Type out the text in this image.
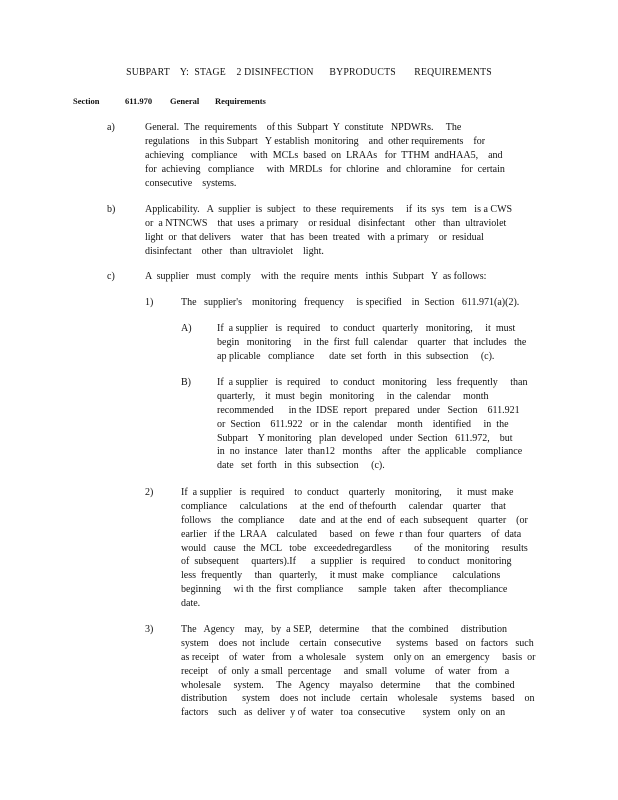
SUBPART    Y:  STAGE    2 DISINFECTION      BYPRODUCTS       REQUIREMENTS
Section	611.970 General Requirements
a)	General.  The  requirements    of this  Subpart  Y  constitute   NPDWRs.     The
regulations    in this Subpart   Y establish  monitoring    and  other requirements    for
achieving   compliance     with  MCLs  based  on  LRAAs   for  TTHM  andHAA5,    and
for  achieving   compliance     with  MRDLs   for  chlorine   and  chloramine    for  certain
consecutive    systems.
b)	Applicability.   A  supplier  is  subject   to  these  requirements     if  its  sys   tem   is a CWS
or  a NTNCWS    that  uses  a primary    or residual   disinfectant    other   than  ultraviolet
light  or  that delivers    water   that  has  been  treated   with  a primary    or  residual
disinfectant    other   than  ultraviolet    light.
c)	A  supplier   must  comply    with  the  require  ments   inthis  Subpart   Y  as follows:
1)	The   supplier's    monitoring   frequency     is specified    in  Section   611.971(a)(2).
A)	If  a supplier   is  required    to  conduct   quarterly   monitoring,     it  must
begin   monitoring     in  the  first  full  calendar    quarter   that  includes   the
ap plicable   compliance      date  set  forth   in  this  subsection     (c).
B)	If  a supplier   is  required    to  conduct   monitoring    less  frequently     than
quarterly,    it  must  begin   monitoring     in  the  calendar     month
recommended      in the  IDSE  report   prepared   under   Section    611.921
or  Section    611.922   or  in  the  calendar    month    identified     in  the
Subpart    Y monitoring   plan  developed   under  Section   611.972,    but
in  no  instance   later  than12   months    after   the  applicable    compliance
date   set  forth   in  this  subsection     (c).
2)	If  a supplier   is  required    to  conduct    quarterly    monitoring,      it  must  make
compliance     calculations     at  the  end  of thefourth     calendar    quarter    that
follows    the  compliance      date  and  at the  end  of  each  subsequent    quarter    (or
earlier   if the  LRAA    calculated     based   on  fewe  r than  four  quarters    of  data
would   cause   the  MCL   tobe   exceededregardless         of  the  monitoring     results
of  subsequent     quarters).If      a  supplier   is  required     to conduct   monitoring
less  frequently     than   quarterly,     it must  make   compliance      calculations
beginning     wi th  the  first  compliance      sample   taken   after   thecompliance
date.
3)	The   Agency    may,   by  a SEP,   determine     that  the  combined     distribution
system    does  not  include    certain   consecutive      systems   based   on  factors   such
as receipt    of  water   from   a wholesale    system    only on   an  emergency     basis  or
receipt    of  only  a small  percentage     and   small   volume    of  water   from   a
wholesale     system.     The   Agency    mayalso   determine      that   the  combined
distribution      system    does  not  include    certain    wholesale     systems    based    on
factors    such   as  deliver  y of  water   toa  consecutive       system   only  on  an
